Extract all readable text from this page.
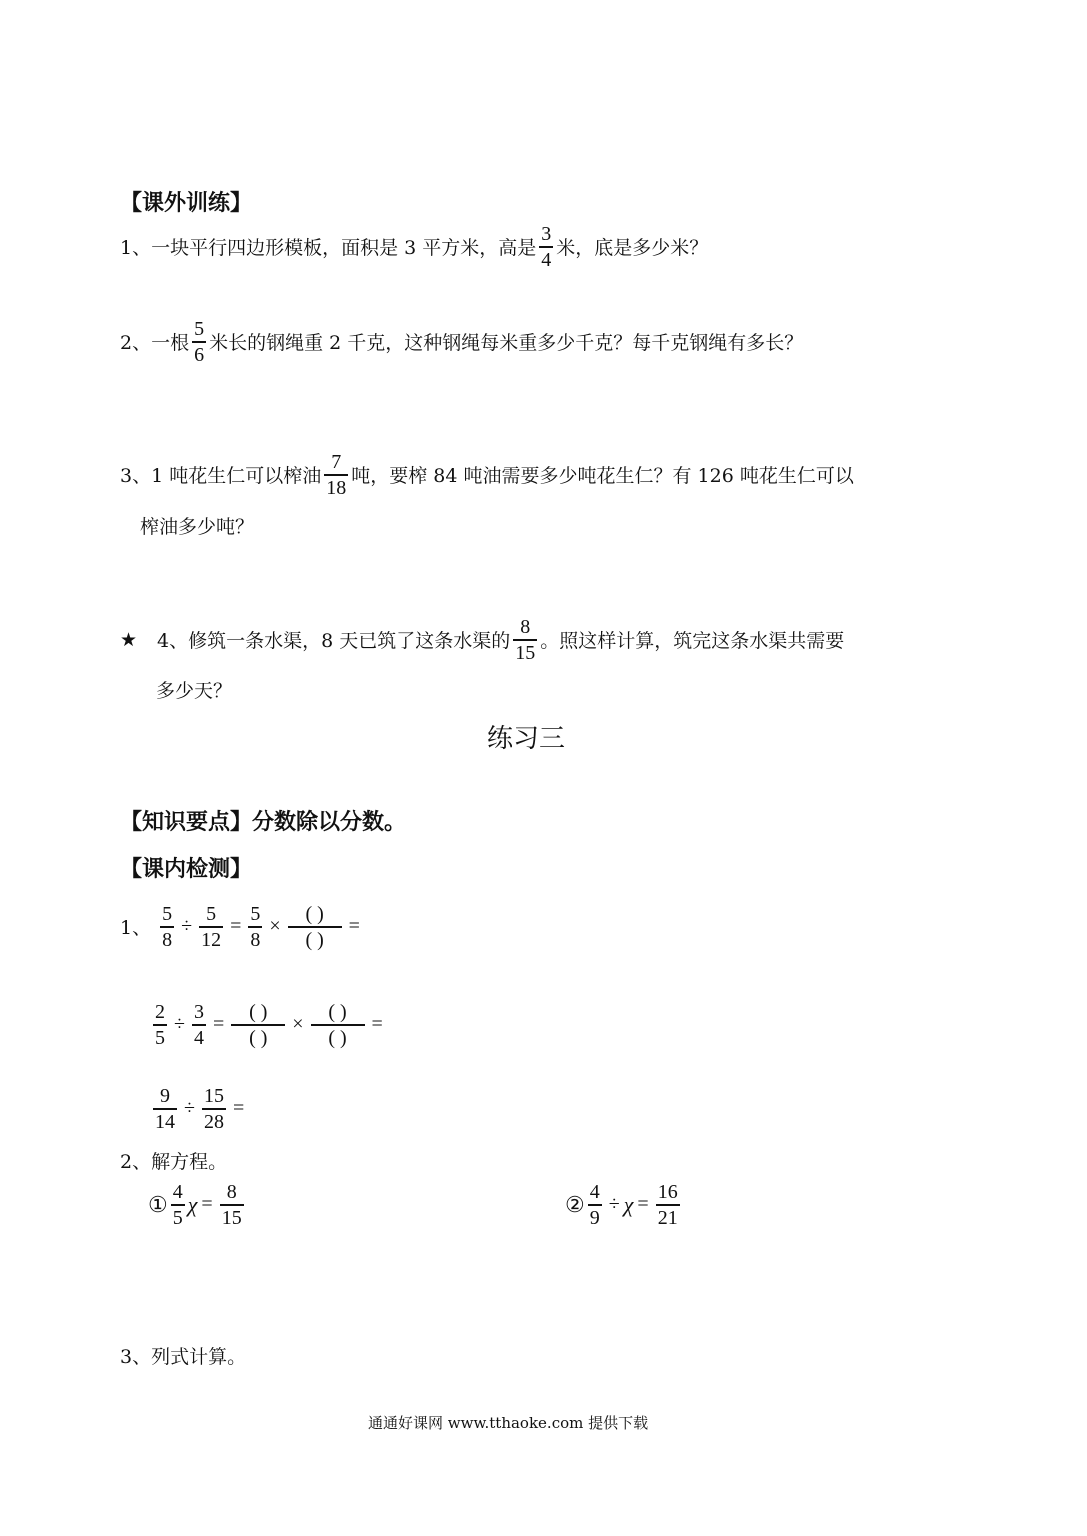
【课外训练】
1、一块平行四边形模板，面积是 3 平方米，高是 $\frac{3}{4}$ 米，底是多少米？
2、一根 $\frac{5}{6}$ 米长的钢绳重 2 千克，这种钢绳每米重多少千克？每千克钢绳有多长？
3、1 吨花生仁可以榨油 $\frac{7}{18}$ 吨，要榨 84 吨油需要多少吨花生仁？有 126 吨花生仁可以
榨油多少吨？
★ 4、修筑一条水渠，8 天已筑了这条水渠的 $\frac{8}{15}$ 。照这样计算，筑完这条水渠共需要
多少天？
练习三
【知识要点】分数除以分数。
【课内检测】
1、 $\frac{5}{8} \div \frac{5}{12} = \frac{5}{8} \times \frac{( )}{( )}$ =
$\frac{2}{5} \div \frac{3}{4} = \frac{( )}{( )} \times \frac{( )}{( )}$ =
$\frac{9}{14} \div \frac{15}{28}$ =
2、解方程。
① $\frac{4}{5}$ $\chi = \frac{8}{15}$	② $\frac{4}{9} \div \chi = \frac{16}{21}$
3、列式计算。
通通好课网 www.tthaoke.com 提供下载
